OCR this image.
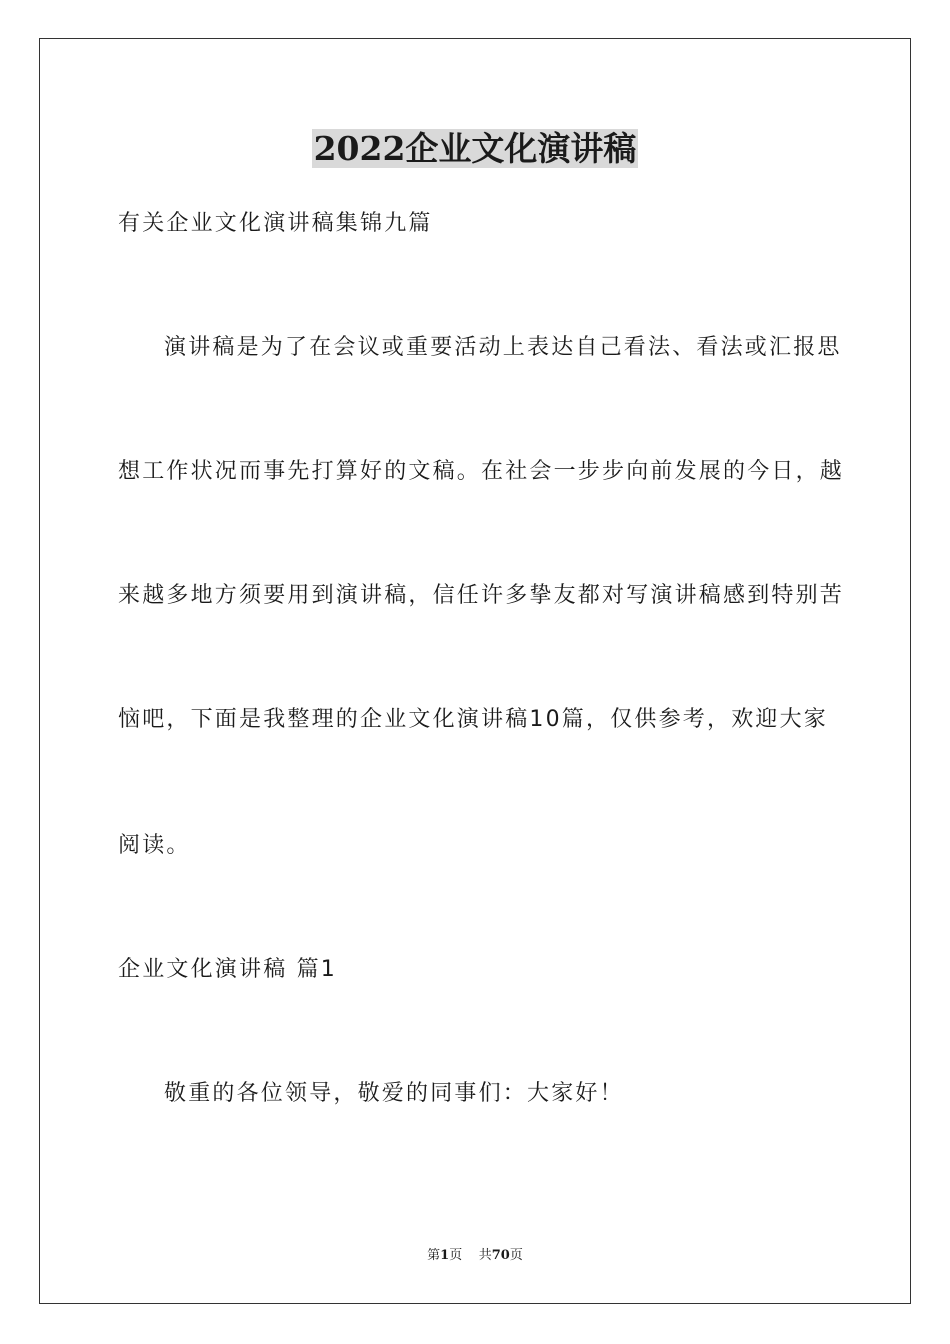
2022企业文化演讲稿
有关企业文化演讲稿集锦九篇
演讲稿是为了在会议或重要活动上表达自己看法、看法或汇报思
想工作状况而事先打算好的文稿。在社会一步步向前发展的今日，越
来越多地方须要用到演讲稿，信任许多挚友都对写演讲稿感到特别苦
恼吧，下面是我整理的企业文化演讲稿10篇，仅供参考，欢迎大家
阅读。
企业文化演讲稿 篇1
敬重的各位领导，敬爱的同事们：大家好！
第1页 共70页
